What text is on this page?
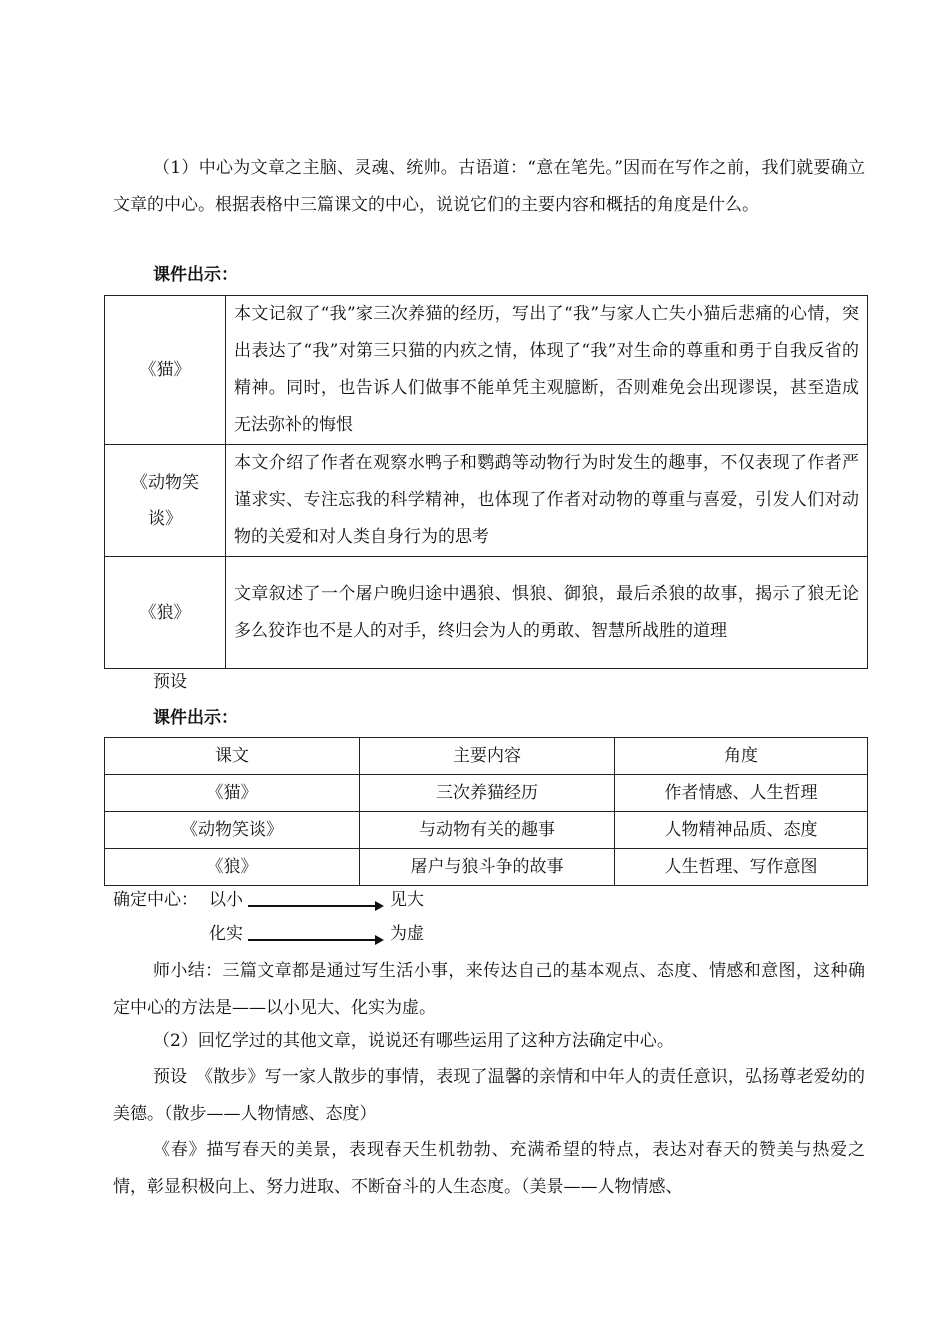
（1）中心为文章之主脑、灵魂、统帅。古语道：“意在笔先。”因而在写作之前，我们就要确立文章的中心。根据表格中三篇课文的中心，说说它们的主要内容和概括的角度是什么。

课件出示：

《猫》	本文记叙了“我”家三次养猫的经历，写出了“我”与家人亡失小猫后悲痛的心情，突出表达了“我”对第三只猫的内疚之情，体现了“我”对生命的尊重和勇于自我反省的精神。同时，也告诉人们做事不能单凭主观臆断，否则难免会出现谬误，甚至造成无法弥补的悔恨
《动物笑谈》	本文介绍了作者在观察水鸭子和鹦鹉等动物行为时发生的趣事，不仅表现了作者严谨求实、专注忘我的科学精神，也体现了作者对动物的尊重与喜爱，引发人们对动物的关爱和对人类自身行为的思考
《狼》	文章叙述了一个屠户晚归途中遇狼、惧狼、御狼，最后杀狼的故事，揭示了狼无论多么狡诈也不是人的对手，终归会为人的勇敢、智慧所战胜的道理

预设

课件出示：

课文	主要内容	角度
《猫》	三次养猫经历	作者情感、人生哲理
《动物笑谈》	与动物有关的趣事	人物精神品质、态度
《狼》	屠户与狼斗争的故事	人生哲理、写作意图
确定中心： 以小	见大
化实	为虚

师小结：三篇文章都是通过写生活小事，来传达自己的基本观点、态度、情感和意图，这种确定中心的方法是——以小见大、化实为虚。

（2）回忆学过的其他文章，说说还有哪些运用了这种方法确定中心。

预设　《散步》写一家人散步的事情，表现了温馨的亲情和中年人的责任意识，弘扬尊老爱幼的美德。（散步——人物情感、态度）

《春》描写春天的美景，表现春天生机勃勃、充满希望的特点，表达对春天的赞美与热爱之情，彰显积极向上、努力进取、不断奋斗的人生态度。（美景——人物情感、
